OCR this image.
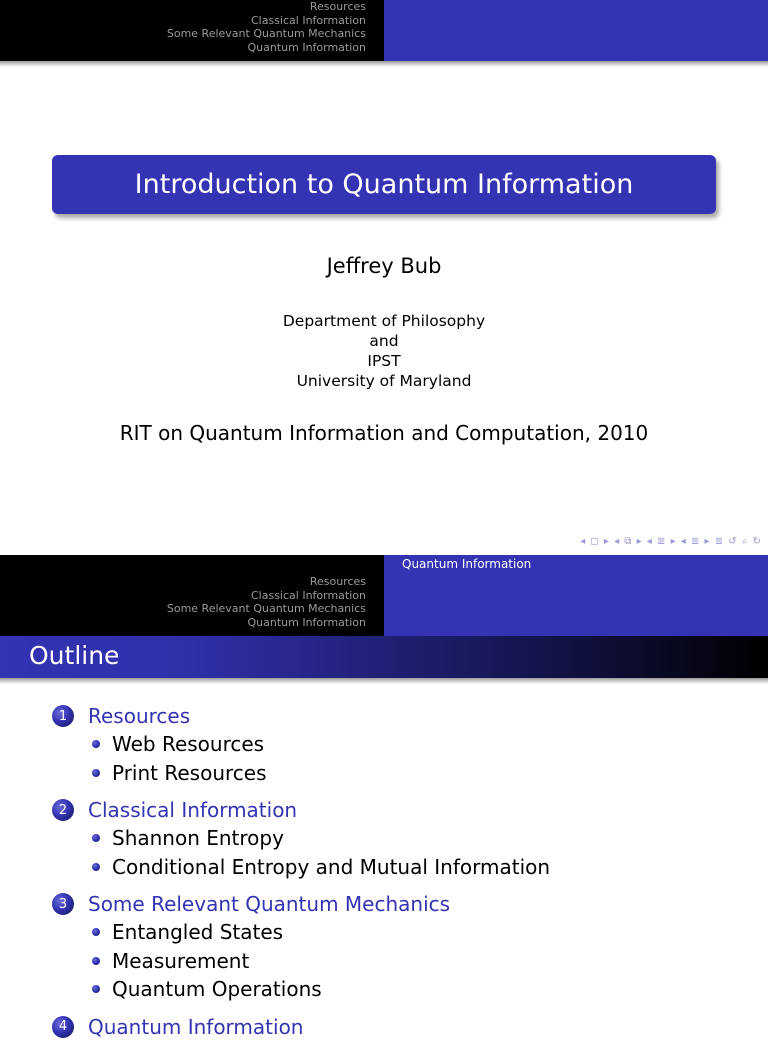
Resources
Classical Information
Some Relevant Quantum Mechanics
Quantum Information
Introduction to Quantum Information
Jeffrey Bub
Department of Philosophy
and
IPST
University of Maryland
RIT on Quantum Information and Computation, 2010
◂ ◻ ▸ ◂ ⧉ ▸ ◂ ≣ ▸ ◂ ≣ ▸ ≣ ↺ ⌕ ↻
Resources
Classical Information
Some Relevant Quantum Mechanics
Quantum Information
Quantum Information
Outline
1	Resources
Web Resources
Print Resources
2	Classical Information
Shannon Entropy
Conditional Entropy and Mutual Information
3	Some Relevant Quantum Mechanics
Entangled States
Measurement
Quantum Operations
4	Quantum Information
